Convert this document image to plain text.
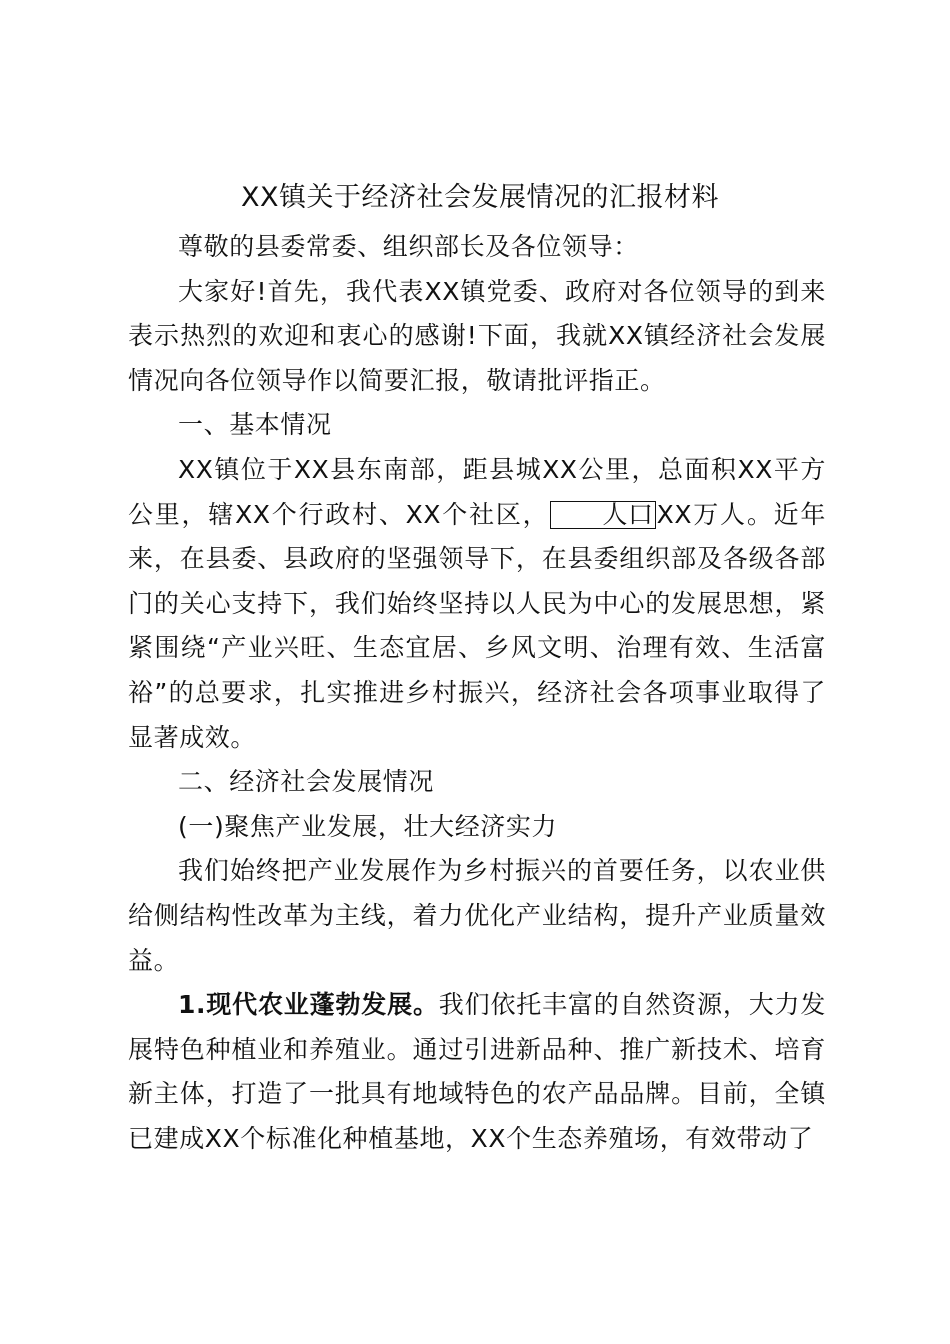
XX镇关于经济社会发展情况的汇报材料

尊敬的县委常委、组织部长及各位领导：

大家好!首先，我代表XX镇党委、政府对各位领导的到来表示热烈的欢迎和衷心的感谢!下面，我就XX镇经济社会发展情况向各位领导作以简要汇报，敬请批评指正。

一、基本情况

XX镇位于XX县东南部，距县城XX公里，总面积XX平方公里，辖XX个行政村、XX个社区， 人口 XX万人。近年来，在县委、县政府的坚强领导下，在县委组织部及各级各部门的关心支持下，我们始终坚持以人民为中心的发展思想，紧紧围绕“产业兴旺、生态宜居、乡风文明、治理有效、生活富裕”的总要求，扎实推进乡村振兴，经济社会各项事业取得了显著成效。

二、经济社会发展情况

(一)聚焦产业发展，壮大经济实力

我们始终把产业发展作为乡村振兴的首要任务，以农业供给侧结构性改革为主线，着力优化产业结构，提升产业质量效益。

1.现代农业蓬勃发展。我们依托丰富的自然资源，大力发展特色种植业和养殖业。通过引进新品种、推广新技术、培育新主体，打造了一批具有地域特色的农产品品牌。目前，全镇已建成XX个标准化种植基地，XX个生态养殖场，有效带动了
